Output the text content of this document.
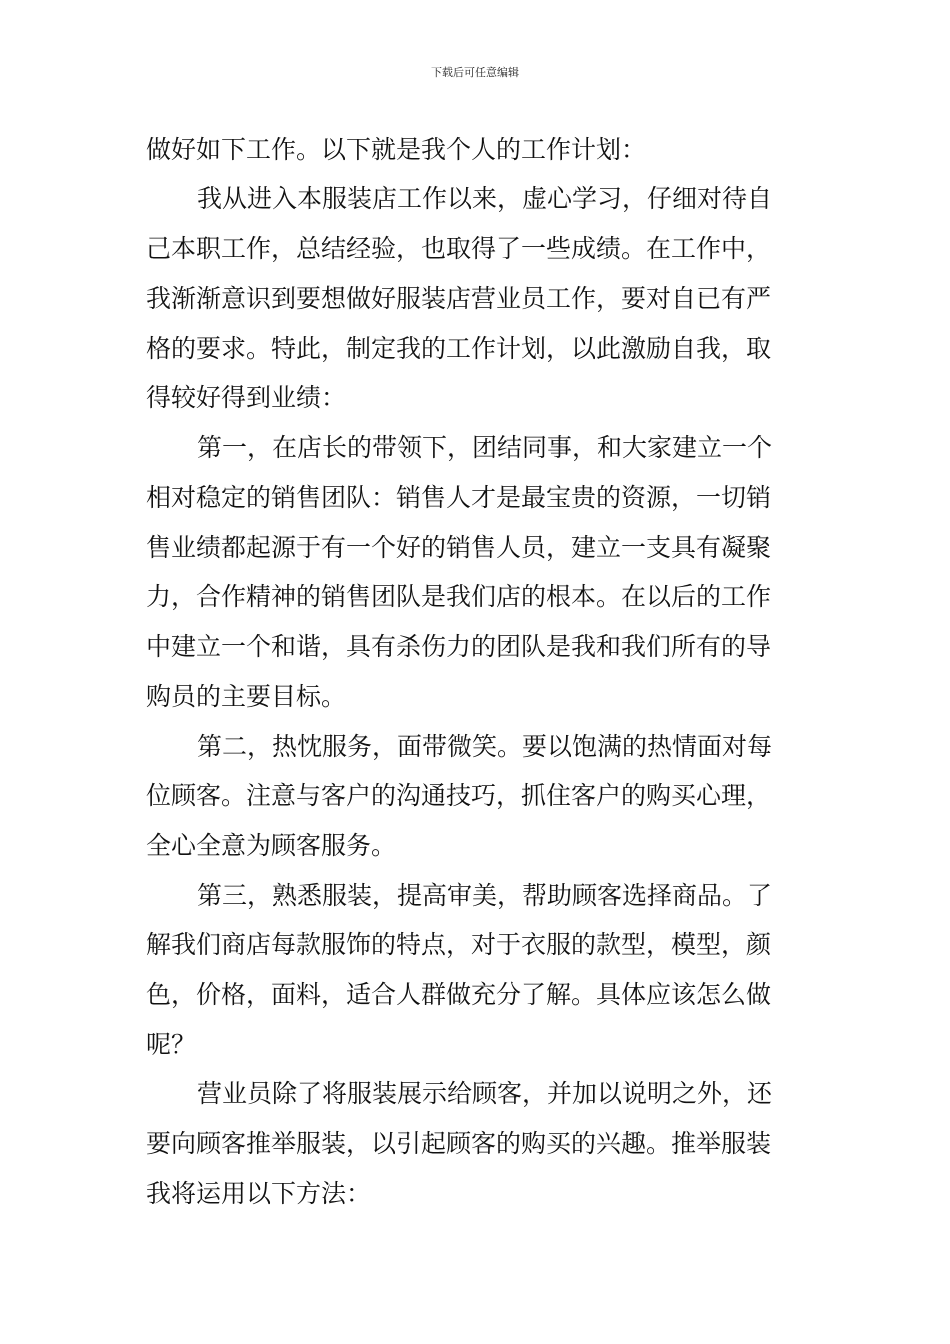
下载后可任意编辑
做好如下工作。以下就是我个人的工作计划：
我从进入本服装店工作以来，虚心学习，仔细对待自
己本职工作，总结经验，也取得了一些成绩。在工作中，
我渐渐意识到要想做好服装店营业员工作，要对自已有严
格的要求。特此，制定我的工作计划，以此激励自我，取
得较好得到业绩：
第一，在店长的带领下，团结同事，和大家建立一个
相对稳定的销售团队：销售人才是最宝贵的资源，一切销
售业绩都起源于有一个好的销售人员，建立一支具有凝聚
力，合作精神的销售团队是我们店的根本。在以后的工作
中建立一个和谐，具有杀伤力的团队是我和我们所有的导
购员的主要目标。
第二，热忱服务，面带微笑。要以饱满的热情面对每
位顾客。注意与客户的沟通技巧，抓住客户的购买心理，
全心全意为顾客服务。
第三，熟悉服装，提高审美，帮助顾客选择商品。了
解我们商店每款服饰的特点，对于衣服的款型，模型，颜
色，价格，面料，适合人群做充分了解。具体应该怎么做
呢？
营业员除了将服装展示给顾客，并加以说明之外，还
要向顾客推举服装，以引起顾客的购买的兴趣。推举服装
我将运用以下方法：
